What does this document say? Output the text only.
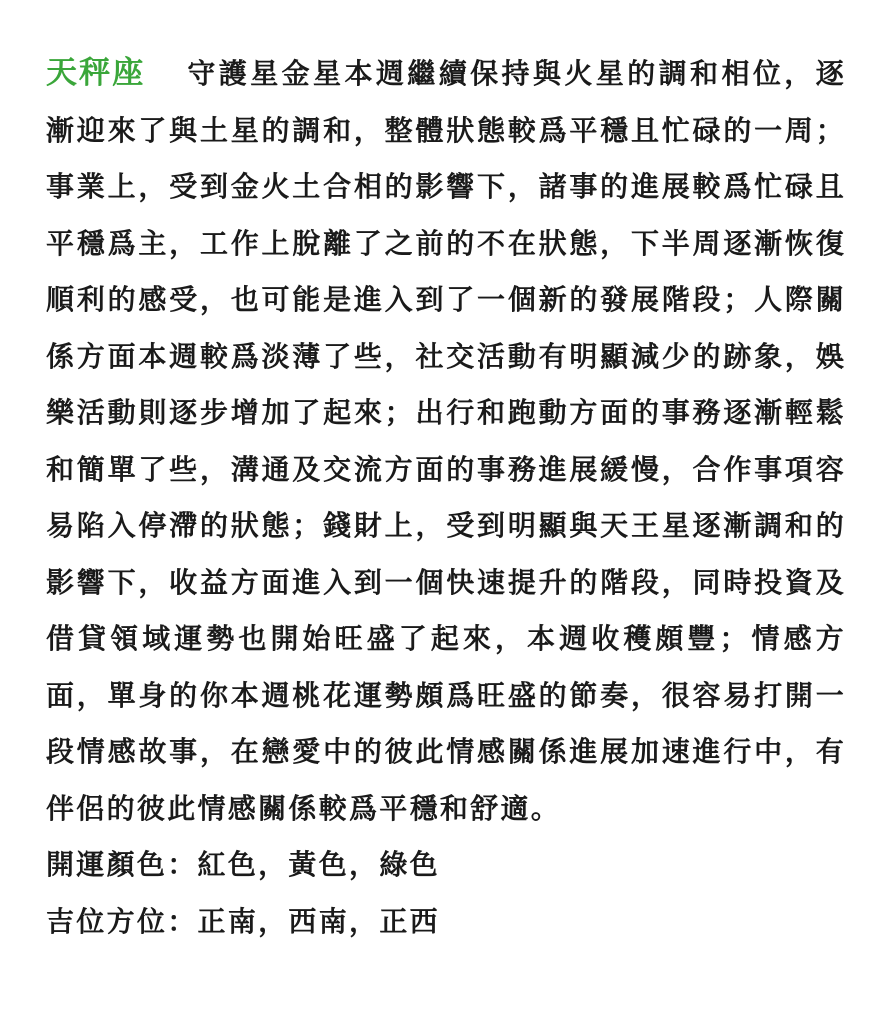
天秤座 守護星金星本週繼續保持與火星的調和相位，逐漸迎來了與土星的調和，整體狀態較爲平穩且忙碌的一周；事業上，受到金火土合相的影響下，諸事的進展較爲忙碌且平穩爲主，工作上脫離了之前的不在狀態，下半周逐漸恢復順利的感受，也可能是進入到了一個新的發展階段；人際關係方面本週較爲淡薄了些，社交活動有明顯減少的跡象，娛樂活動則逐步增加了起來；出行和跑動方面的事務逐漸輕鬆和簡單了些，溝通及交流方面的事務進展緩慢，合作事項容易陷入停滯的狀態；錢財上，受到明顯與天王星逐漸調和的影響下，收益方面進入到一個快速提升的階段，同時投資及借貸領域運勢也開始旺盛了起來，本週收穫頗豐；情感方面，單身的你本週桃花運勢頗爲旺盛的節奏，很容易打開一段情感故事，在戀愛中的彼此情感關係進展加速進行中，有伴侶的彼此情感關係較爲平穩和舒適。

開運顏色：紅色，黃色，綠色

吉位方位：正南，西南，正西
